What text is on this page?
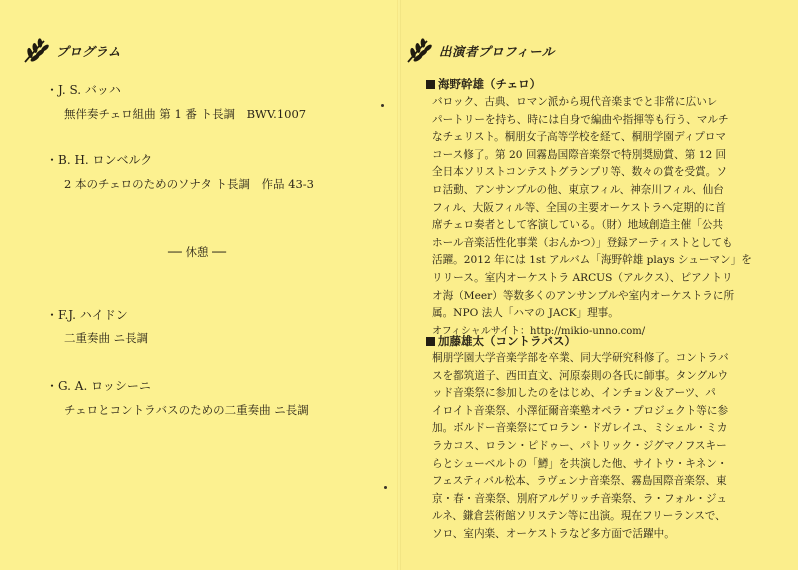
プログラム
・J. S. バッハ
無伴奏チェロ組曲 第 1 番 ト長調　BWV.1007
・B. H. ロンベルク
2 本のチェロのためのソナタ ト長調　作品 43-3
── 休憩 ──
・F.J. ハイドン
二重奏曲 ニ長調
・G. A. ロッシーニ
チェロとコントラバスのための二重奏曲 ニ長調
出演者プロフィール
海野幹雄（チェロ）
バロック、古典、ロマン派から現代音楽までと非常に広いレ
パートリーを持ち、時には自身で編曲や指揮等も行う、マルチ
なチェリスト。桐朋女子高等学校を経て、桐朋学園ディプロマ
コース修了。第 20 回霧島国際音楽祭で特別奨励賞、第 12 回
全日本ソリストコンテストグランプリ等、数々の賞を受賞。ソ
ロ活動、アンサンブルの他、東京フィル、神奈川フィル、仙台
フィル、大阪フィル等、全国の主要オーケストラへ定期的に首
席チェロ奏者として客演している。（財）地域創造主催「公共
ホール音楽活性化事業（おんかつ）」登録アーティストとしても
活躍。2012 年には 1st アルバム「海野幹雄 plays シューマン」を
リリース。室内オーケストラ ARCUS（アルクス）、ピアノトリ
オ海（Meer）等数多くのアンサンブルや室内オーケストラに所
属。NPO 法人「ハマの JACK」理事。
オフィシャルサイト：http://mikio-unno.com/
加藤雄太（コントラバス）
桐朋学園大学音楽学部を卒業、同大学研究科修了。コントラバ
スを都筑道子、西田直文、河原泰則の各氏に師事。タングルウ
ッド音楽祭に参加したのをはじめ、インチョン＆アーツ、パ
イロイト音楽祭、小澤征爾音楽塾オペラ・プロジェクト等に参
加。ボルドー音楽祭にてロラン・ドガレイユ、ミシェル・ミカ
ラカコス、ロラン・ピドゥー、パトリック・ジグマノフスキー
らとシューベルトの「鱒」を共演した他、サイトウ・キネン・
フェスティバル松本、ラヴェンナ音楽祭、霧島国際音楽祭、東
京・春・音楽祭、別府アルゲリッチ音楽祭、ラ・フォル・ジュ
ルネ、鎌倉芸術館ソリステン等に出演。現在フリーランスで、
ソロ、室内楽、オーケストラなど多方面で活躍中。
